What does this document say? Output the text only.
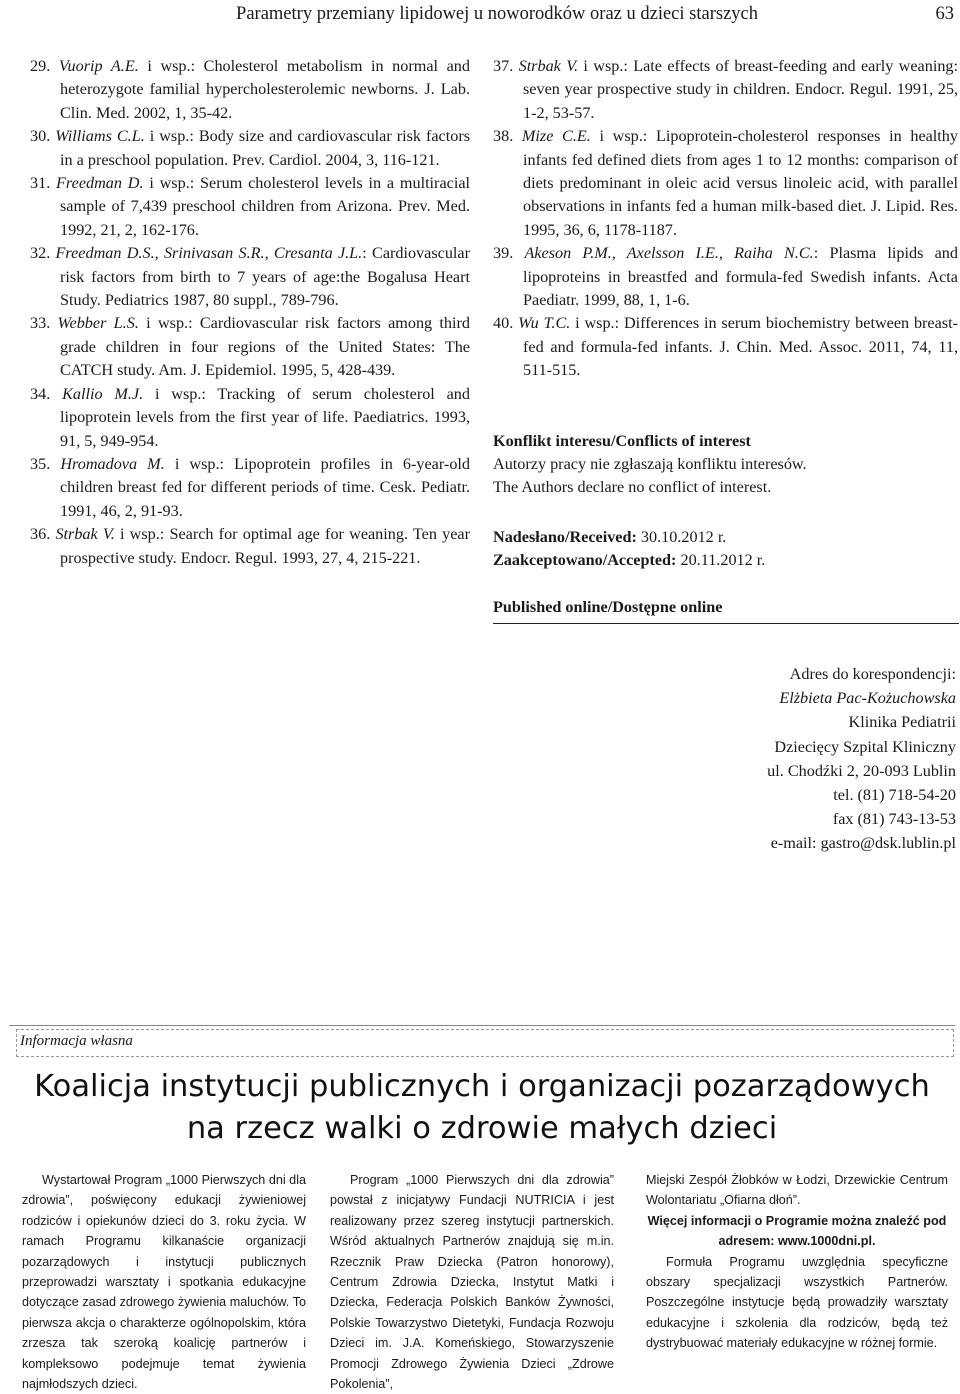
Parametry przemiany lipidowej u noworodków oraz u dzieci starszych	63

29. Vuorip A.E. i wsp.: Cholesterol metabolism in normal and heterozygote familial hypercholesterolemic newborns. J. Lab. Clin. Med. 2002, 1, 35-42.

30. Williams C.L. i wsp.: Body size and cardiovascular risk factors in a preschool population. Prev. Cardiol. 2004, 3, 116-121.

31. Freedman D. i wsp.: Serum cholesterol levels in a multiracial sample of 7,439 preschool children from Arizona. Prev. Med. 1992, 21, 2, 162-176.

32. Freedman D.S., Srinivasan S.R., Cresanta J.L.: Cardiovascular risk factors from birth to 7 years of age:the Bogalusa Heart Study. Pediatrics 1987, 80 suppl., 789-796.

33. Webber L.S. i wsp.: Cardiovascular risk factors among third grade children in four regions of the United States: The CATCH study. Am. J. Epidemiol. 1995, 5, 428-439.

34. Kallio M.J. i wsp.: Tracking of serum cholesterol and lipoprotein levels from the first year of life. Paediatrics. 1993, 91, 5, 949-954.

35. Hromadova M. i wsp.: Lipoprotein profiles in 6-year-old children breast fed for different periods of time. Cesk. Pediatr. 1991, 46, 2, 91-93.

36. Strbak V. i wsp.: Search for optimal age for weaning. Ten year prospective study. Endocr. Regul. 1993, 27, 4, 215-221.

37. Strbak V. i wsp.: Late effects of breast-feeding and early weaning: seven year prospective study in children. Endocr. Regul. 1991, 25, 1-2, 53-57.

38. Mize C.E. i wsp.: Lipoprotein-cholesterol responses in healthy infants fed defined diets from ages 1 to 12 months: comparison of diets predominant in oleic acid versus linoleic acid, with parallel observations in infants fed a human milk-based diet. J. Lipid. Res. 1995, 36, 6, 1178-1187.

39. Akeson P.M., Axelsson I.E., Raiha N.C.: Plasma lipids and lipoproteins in breastfed and formula-fed Swedish infants. Acta Paediatr. 1999, 88, 1, 1-6.

40. Wu T.C. i wsp.: Differences in serum biochemistry between breast-fed and formula-fed infants. J. Chin. Med. Assoc. 2011, 74, 11, 511-515.

Konflikt interesu/Conflicts of interest
Autorzy pracy nie zgłaszają konfliktu interesów.
The Authors declare no conflict of interest.
Nadesłano/Received: 30.10.2012 r.
Zaakceptowano/Accepted: 20.11.2012 r.
Published online/Dostępne online
Adres do korespondencji:
Elżbieta Pac-Kożuchowska
Klinika Pediatrii
Dziecięcy Szpital Kliniczny
ul. Chodźki 2, 20-093 Lublin
tel. (81) 718-54-20
fax (81) 743-13-53
e-mail: gastro@dsk.lublin.pl
Informacja własna
Koalicja instytucji publicznych i organizacji pozarządowych
na rzecz walki o zdrowie małych dzieci

Wystartował Program „1000 Pierwszych dni dla zdrowia”, poświęcony edukacji żywieniowej rodziców i opiekunów dzieci do 3. roku życia. W ramach Programu kilkanaście organizacji pozarządowych i instytucji publicznych przeprowadzi warsztaty i spotkania edukacyjne dotyczące zasad zdrowego żywienia maluchów. To pierwsza akcja o charakterze ogólnopolskim, która zrzesza tak szeroką koalicję partnerów i kompleksowo podejmuje temat żywienia najmłodszych dzieci.

Program „1000 Pierwszych dni dla zdrowia” powstał z inicjatywy Fundacji NUTRICIA i jest realizowany przez szereg instytucji partnerskich. Wśród aktualnych Partnerów znajdują się m.in. Rzecznik Praw Dziecka (Patron honorowy), Centrum Zdrowia Dziecka, Instytut Matki i Dziecka, Federacja Polskich Banków Żywności, Polskie Towarzystwo Dietetyki, Fundacja Rozwoju Dzieci im. J.A. Komeńskiego, Stowarzyszenie Promocji Zdrowego Żywienia Dzieci „Zdrowe Pokolenia”,

Miejski Zespół Żłobków w Łodzi, Drzewickie Centrum Wolontariatu „Ofiarna dłoń”.

Więcej informacji o Programie można znaleźć pod adresem: www.1000dni.pl.

Formuła Programu uwzględnia specyficzne obszary specjalizacji wszystkich Partnerów. Poszczególne instytucje będą prowadziły warsztaty edukacyjne i szkolenia dla rodziców, będą też dystrybuować materiały edukacyjne w różnej formie.
